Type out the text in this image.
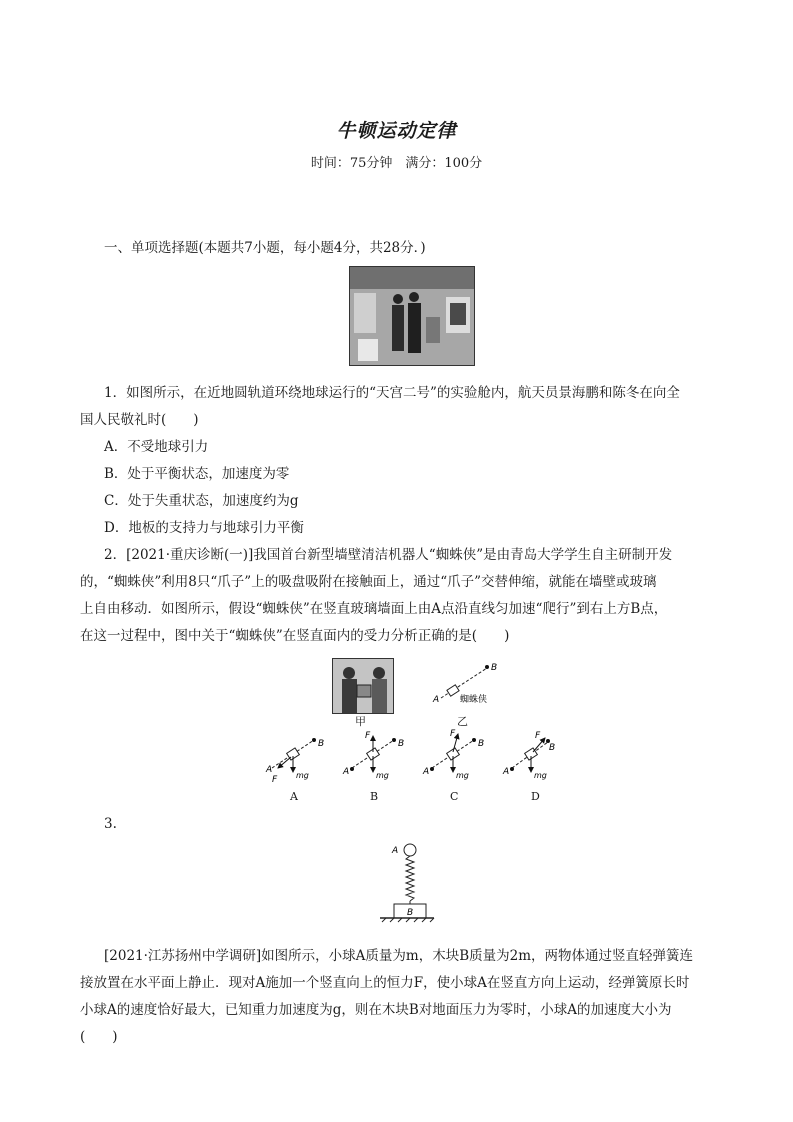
牛顿运动定律
时间：75分钟　满分：100分
一、单项选择题(本题共7小题，每小题4分，共28分．)
1．如图所示，在近地圆轨道环绕地球运行的“天宫二号”的实验舱内，航天员景海鹏和陈冬在向全
国人民敬礼时(　　)
A．不受地球引力
B．处于平衡状态，加速度为零
C．处于失重状态，加速度约为g
D．地板的支持力与地球引力平衡
2．[2021·重庆诊断(一)]我国首台新型墙壁清洁机器人“蜘蛛侠”是由青岛大学学生自主研制开发
的，“蜘蛛侠”利用8只“爪子”上的吸盘吸附在接触面上，通过“爪子”交替伸缩，就能在墙壁或玻璃
上自由移动．如图所示，假设“蜘蛛侠”在竖直玻璃墙面上由A点沿直线匀加速“爬行”到右上方B点，
在这一过程中，图中关于“蜘蛛侠”在竖直面内的受力分析正确的是(　　)
甲
A
B
蜘蛛侠
乙
A
B
F mg
F
A
B
mg
F
A
B
mg
F
A
B
mg
A	B	C	D
3.
A
B
[2021·江苏扬州中学调研]如图所示，小球A质量为m，木块B质量为2m，两物体通过竖直轻弹簧连
接放置在水平面上静止．现对A施加一个竖直向上的恒力F，使小球A在竖直方向上运动，经弹簧原长时
小球A的速度恰好最大，已知重力加速度为g，则在木块B对地面压力为零时，小球A的加速度大小为
(　　)
